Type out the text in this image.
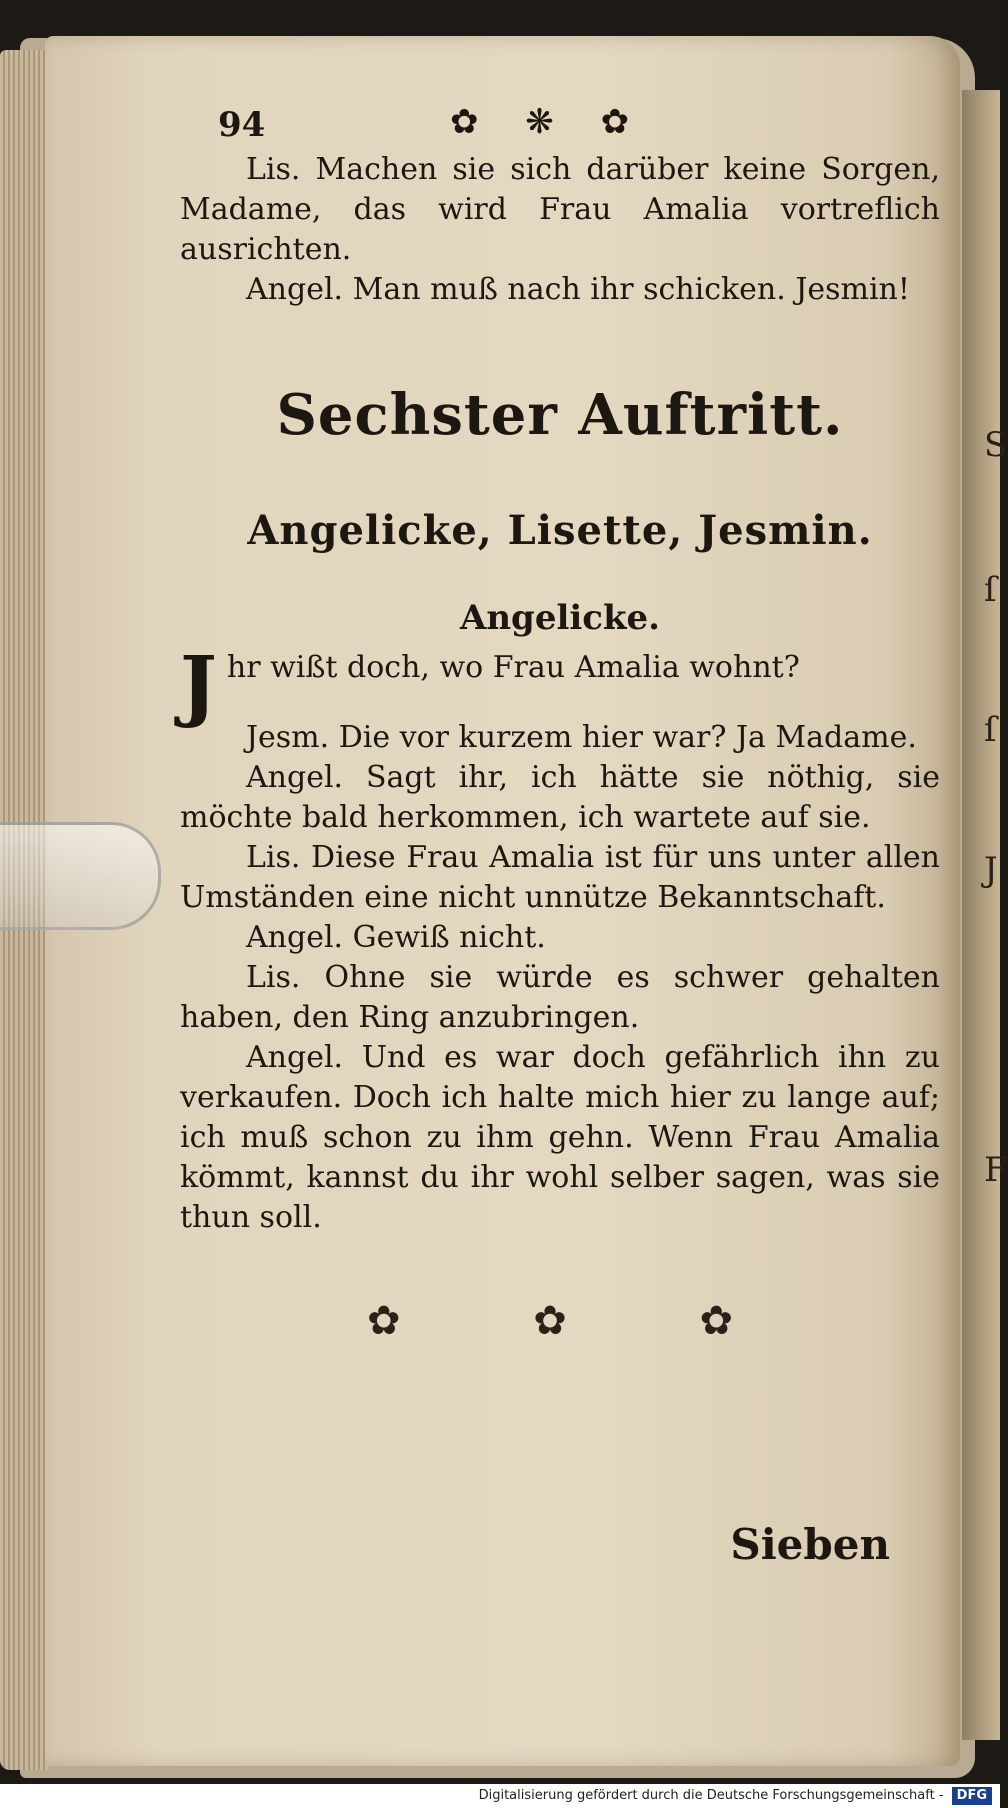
S
ſ
ſ
J
F
94	✿ ❋ ✿

Lis. Machen sie sich darüber keine Sorgen, Madame, das wird Frau Amalia vortreflich ausrichten.

Angel. Man muß nach ihr schicken. Jesmin!

Sechster Auftritt.
Angelicke, Lisette, Jesmin.
Angelicke.

J hr wißt doch, wo Frau Amalia wohnt?

Jesm. Die vor kurzem hier war? Ja Madame.

Angel. Sagt ihr, ich hätte sie nöthig, sie möchte bald herkommen, ich wartete auf sie.

Lis. Diese Frau Amalia ist für uns unter allen Umständen eine nicht unnütze Bekanntschaft.

Angel. Gewiß nicht.

Lis. Ohne sie würde es schwer gehalten haben, den Ring anzubringen.

Angel. Und es war doch gefährlich ihn zu verkaufen. Doch ich halte mich hier zu lange auf; ich muß schon zu ihm gehn. Wenn Frau Amalia kömmt, kannst du ihr wohl selber sagen, was sie thun soll.

✿ ✿ ✿
Sieben
Digitalisierung gefördert durch die Deutsche Forschungsgemeinschaft - DFG
